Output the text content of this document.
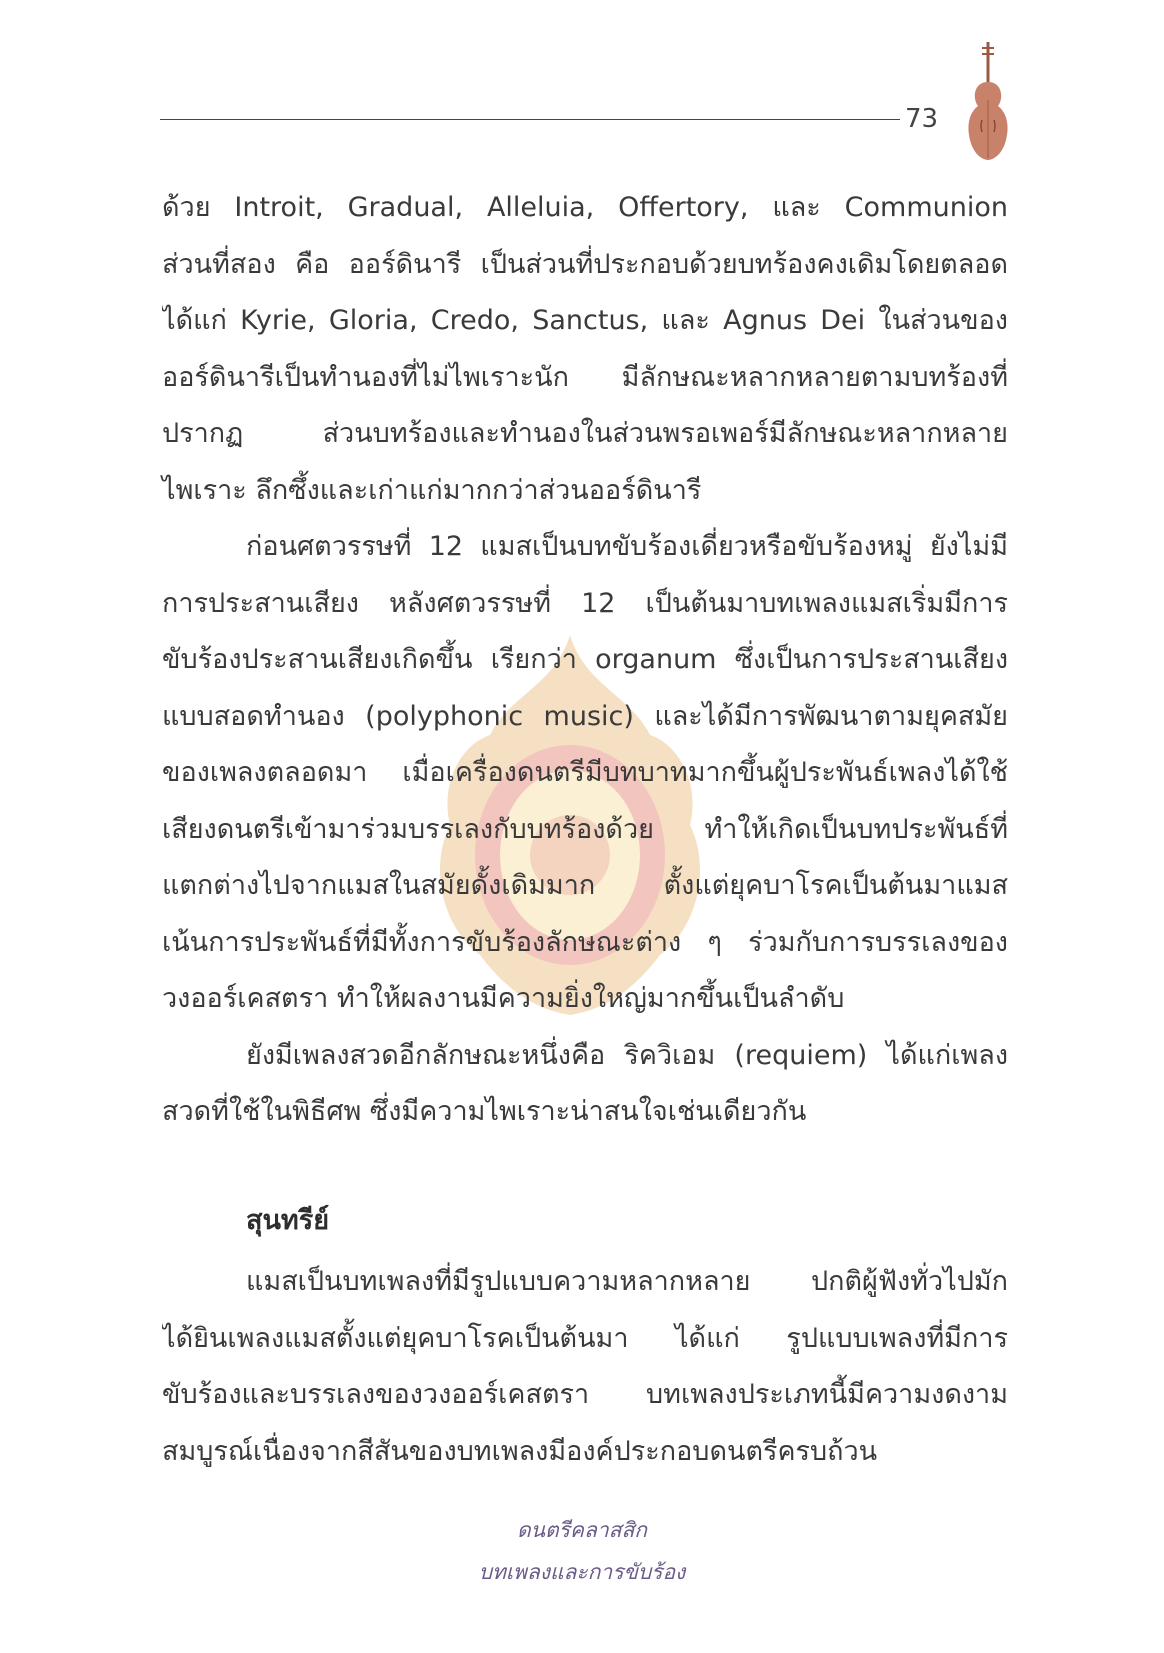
73
ด้วย Introit, Gradual, Alleluia, Offertory, และ Communion
ส่วนที่สอง คือ ออร์ดินารี เป็นส่วนที่ประกอบด้วยบทร้องคงเดิมโดยตลอด
ได้แก่ Kyrie, Gloria, Credo, Sanctus, และ Agnus Dei ในส่วนของ
ออร์ดินารีเป็นทำนองที่ไม่ไพเราะนัก มีลักษณะหลากหลายตามบทร้องที่
ปรากฏ ส่วนบทร้องและทำนองในส่วนพรอเพอร์มีลักษณะหลากหลาย
ไพเราะ ลึกซึ้งและเก่าแก่มากกว่าส่วนออร์ดินารี
ก่อนศตวรรษที่ 12 แมสเป็นบทขับร้องเดี่ยวหรือขับร้องหมู่ ยังไม่มี
การประสานเสียง หลังศตวรรษที่ 12 เป็นต้นมาบทเพลงแมสเริ่มมีการ
ขับร้องประสานเสียงเกิดขึ้น เรียกว่า organum ซึ่งเป็นการประสานเสียง
แบบสอดทำนอง (polyphonic music) และได้มีการพัฒนาตามยุคสมัย
ของเพลงตลอดมา เมื่อเครื่องดนตรีมีบทบาทมากขึ้นผู้ประพันธ์เพลงได้ใช้
เสียงดนตรีเข้ามาร่วมบรรเลงกับบทร้องด้วย ทำให้เกิดเป็นบทประพันธ์ที่
แตกต่างไปจากแมสในสมัยดั้งเดิมมาก ตั้งแต่ยุคบาโรคเป็นต้นมาแมส
เน้นการประพันธ์ที่มีทั้งการขับร้องลักษณะต่าง ๆ ร่วมกับการบรรเลงของ
วงออร์เคสตรา ทำให้ผลงานมีความยิ่งใหญ่มากขึ้นเป็นลำดับ
ยังมีเพลงสวดอีกลักษณะหนึ่งคือ ริควิเอม (requiem) ได้แก่เพลง
สวดที่ใช้ในพิธีศพ ซึ่งมีความไพเราะน่าสนใจเช่นเดียวกัน
สุนทรีย์
แมสเป็นบทเพลงที่มีรูปแบบความหลากหลาย ปกติผู้ฟังทั่วไปมัก
ได้ยินเพลงแมสตั้งแต่ยุคบาโรคเป็นต้นมา ได้แก่ รูปแบบเพลงที่มีการ
ขับร้องและบรรเลงของวงออร์เคสตรา บทเพลงประเภทนี้มีความงดงาม
สมบูรณ์เนื่องจากสีสันของบทเพลงมีองค์ประกอบดนตรีครบถ้วน
ดนตรีคลาสสิก
บทเพลงและการขับร้อง
